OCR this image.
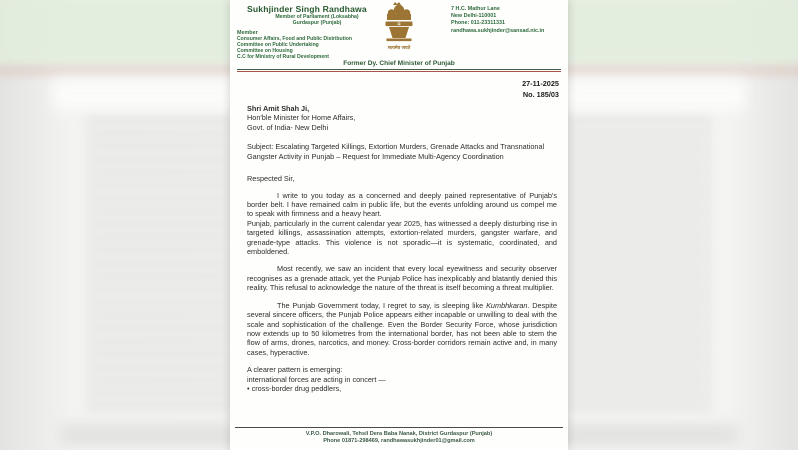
Sukhjinder Singh Randhawa
Member of Parliament (Loksabha)
Gurdaspur (Punjab)
Member
Consumer Affairs, Food and Public Distribution
Committee on Public Undertaking
Committee on Housing
C.C for Ministry of Rural Development
सत्यमेव जयते
7 H.C. Mathur Lane
New Delhi-110001
Phone: 011-23311331
randhawa.sukhjinder@sansad.nic.in
Former Dy. Chief Minister of Punjab
27-11-2025
No. 185/03
Shri Amit Shah Ji,
Hon'ble Minister for Home Affairs,
Govt. of India- New Delhi
Subject: Escalating Targeted Killings, Extortion Murders, Grenade Attacks and Transnational Gangster Activity in Punjab – Request for Immediate Multi-Agency Coordination
Respected Sir,

I write to you today as a concerned and deeply pained representative of Punjab's border belt. I have remained calm in public life, but the events unfolding around us compel me to speak with firmness and a heavy heart.

Punjab, particularly in the current calendar year 2025, has witnessed a deeply disturbing rise in targeted killings, assassination attempts, extortion-related murders, gangster warfare, and grenade-type attacks. This violence is not sporadic—it is systematic, coordinated, and emboldened.

Most recently, we saw an incident that every local eyewitness and security observer recognises as a grenade attack, yet the Punjab Police has inexplicably and blatantly denied this reality. This refusal to acknowledge the nature of the threat is itself becoming a threat multiplier.

The Punjab Government today, I regret to say, is sleeping like Kumbhkaran. Despite several sincere officers, the Punjab Police appears either incapable or unwilling to deal with the scale and sophistication of the challenge. Even the Border Security Force, whose jurisdiction now extends up to 50 kilometres from the international border, has not been able to stem the flow of arms, drones, narcotics, and money. Cross-border corridors remain active and, in many cases, hyperactive.

A clearer pattern is emerging:
international forces are acting in concert —
• cross-border drug peddlers,
V.P.O. Dharowali, Tehsil Dera Baba Nanak, District Gurdaspur (Punjab)
Phone 01871-298469, randhawasukhjinder01@gmail.com
